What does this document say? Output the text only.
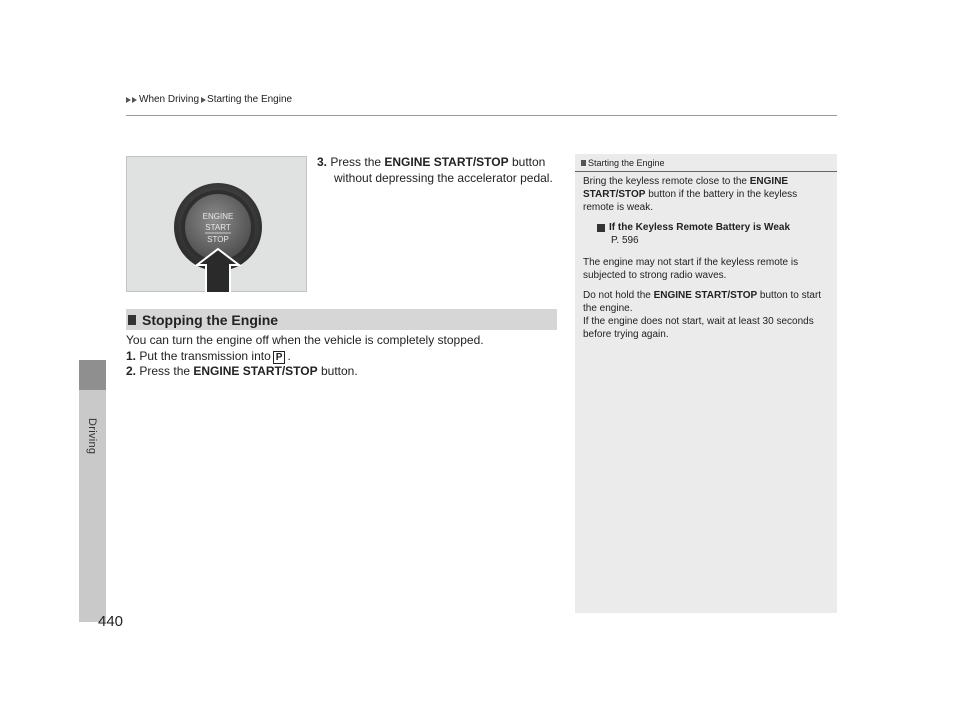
Driving
440
When Driving Starting the Engine
ENGINE
START
STOP
3. Press the ENGINE START/STOP button
without depressing the accelerator pedal.
Stopping the Engine
You can turn the engine off when the vehicle is completely stopped.
1. Put the transmission into P .
2. Press the ENGINE START/STOP button.
Starting the Engine

Bring the keyless remote close to the ENGINE START/STOP button if the battery in the keyless remote is weak.

If the Keyless Remote Battery is Weak
P. 596

The engine may not start if the keyless remote is subjected to strong radio waves.

Do not hold the ENGINE START/STOP button to start the engine.

If the engine does not start, wait at least 30 seconds before trying again.
